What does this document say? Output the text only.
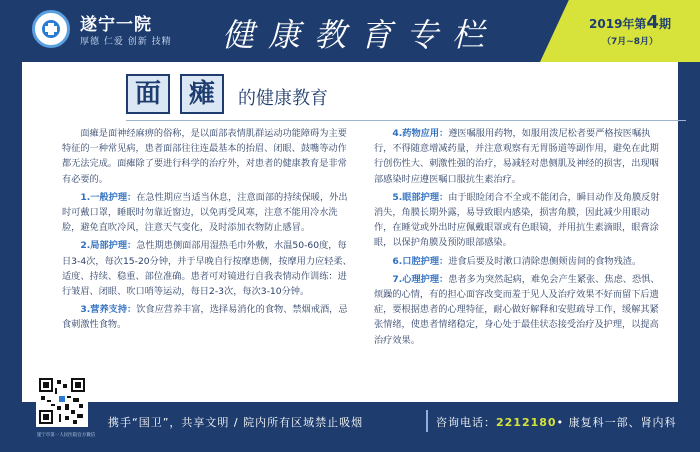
遂宁一院
厚德 仁爱 创新 技精	健康教育专栏	2019年第4期
（7月~8月）
面	瘫	的健康教育

面瘫是面神经麻痹的俗称，是以面部表情肌群运动功能障碍为主要特征的一种常见病，患者面部往往连最基本的抬眉、闭眼、鼓嘴等动作都无法完成。面瘫除了要进行科学的治疗外，对患者的健康教育是非常有必要的。

1.一般护理：在急性期应当适当休息，注意面部的持续保暖，外出时可戴口罩，睡眠时勿靠近窗边，以免再受风寒，注意不能用冷水洗脸，避免直吹冷风，注意天气变化，及时添加衣物防止感冒。

2.局部护理：急性期患侧面部用湿热毛巾外敷，水温50-60度，每日3-4次，每次15-20分钟，并于早晚自行按摩患侧，按摩用力应轻柔、适度、持续、稳重、部位准确。患者可对镜进行自我表情动作训练：进行皱眉、闭眼、吹口哨等运动，每日2-3次，每次3-10分钟。

3.营养支持：饮食应营养丰富，选择易消化的食物、禁烟戒酒，忌食刺激性食物。

4.药物应用：遵医嘱服用药物，如服用泼尼松者要严格按医嘱执行，不得随意增减药量，并注意观察有无胃肠道等副作用，避免在此期行创伤性大、刺激性强的治疗，易减轻对患侧肌及神经的损害，出现咽部感染时应遵医嘱口服抗生素治疗。

5.眼部护理：由于眼睑闭合不全或不能闭合，瞬目动作及角膜反射消失，角膜长期外露，易导致眼内感染，损害角膜，因此减少用眼动作，在睡觉或外出时应佩戴眼罩或有色眼镜，并用抗生素滴眼，眼膏涂眼，以保护角膜及预防眼部感染。

6.口腔护理：进食后要及时漱口清除患侧颊齿间的食物残渣。

7.心理护理：患者多为突然起病，难免会产生紧张、焦虑、恐惧、烦躁的心情，有的担心面容改变而羞于见人及治疗效果不好而留下后遗症，要根据患者的心理特征，耐心做好解释和安慰疏导工作，缓解其紧张情绪，使患者情绪稳定，身心处于最佳状态接受治疗及护理，以提高治疗效果。

遂宁市第一人民医院官方微信
携手“国卫”，共享文明 / 院内所有区域禁止吸烟	咨询电话：2212180• 康复科一部、肾内科
